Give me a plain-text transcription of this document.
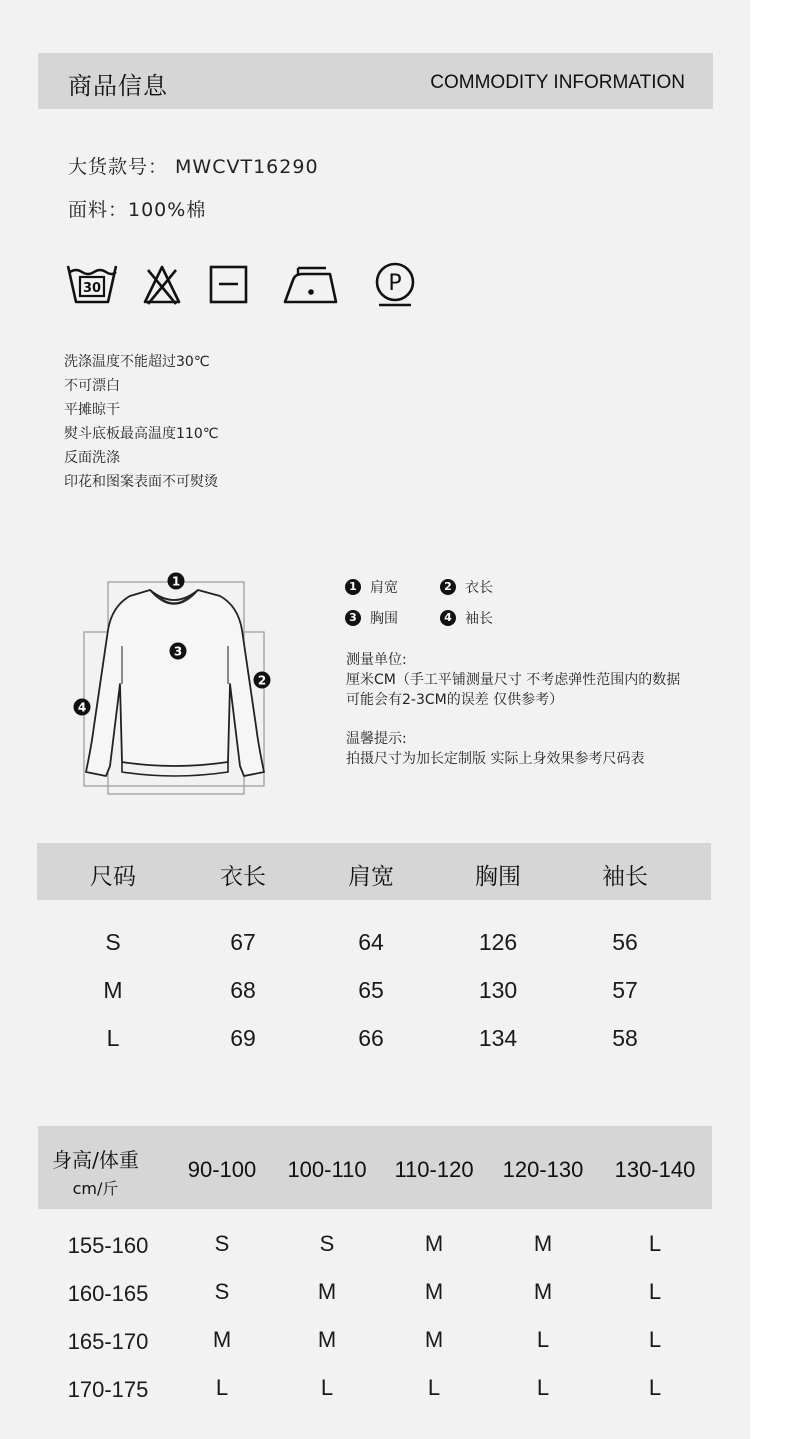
商品信息	COMMODITY INFORMATION
大货款号： MWCVT16290
面料：100%棉
30	P
洗涤温度不能超过30℃
不可漂白
平摊晾干
熨斗底板最高温度110℃
反面洗涤
印花和图案表面不可熨烫
1
2
3
4
1 肩宽	2 衣长
3 胸围	4 袖长
测量单位:
厘米CM（手工平铺测量尺寸 不考虑弹性范围内的数据
可能会有2-3CM的误差 仅供参考）
温馨提示:
拍摄尺寸为加长定制版 实际上身效果参考尺码表
尺码	衣长	肩宽	胸围	袖长
S	67	64	126	56
M	68	65	130	57
L	69	66	134	58
身高/体重
cm/斤
90-100 100-110 110-120 120-130 130-140
155-160	S	S	M	M	L
160-165	S	M	M	M	L
165-170	M	M	M	L	L
170-175	L	L	L	L	L
